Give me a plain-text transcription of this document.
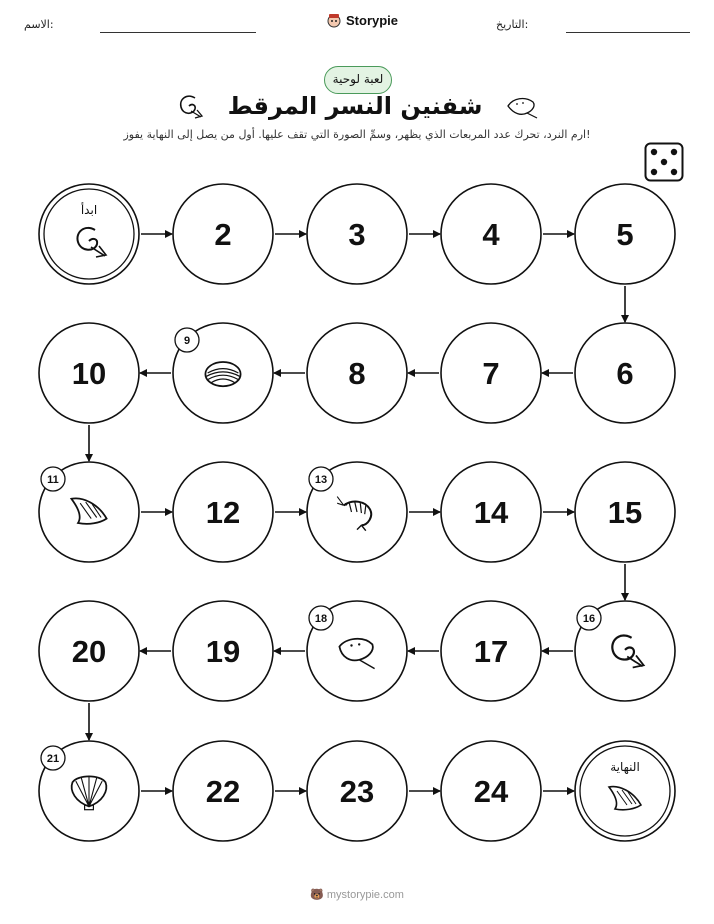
الاسم:	التاريخ:
Storypie
لعبة لوحية
شفنين النسر المرقط
ارم النرد، تحرك عدد المربعات الذي يظهر، وسمِّ الصورة التي تقف عليها. أول من يصل إلى النهاية يفوز!
2	3	4	5
6
7
8
9
10
11
12
13
14	15
16
17
18
19
20
21
22	23	24
ابدأ
النهاية
🐻 mystorypie.com
